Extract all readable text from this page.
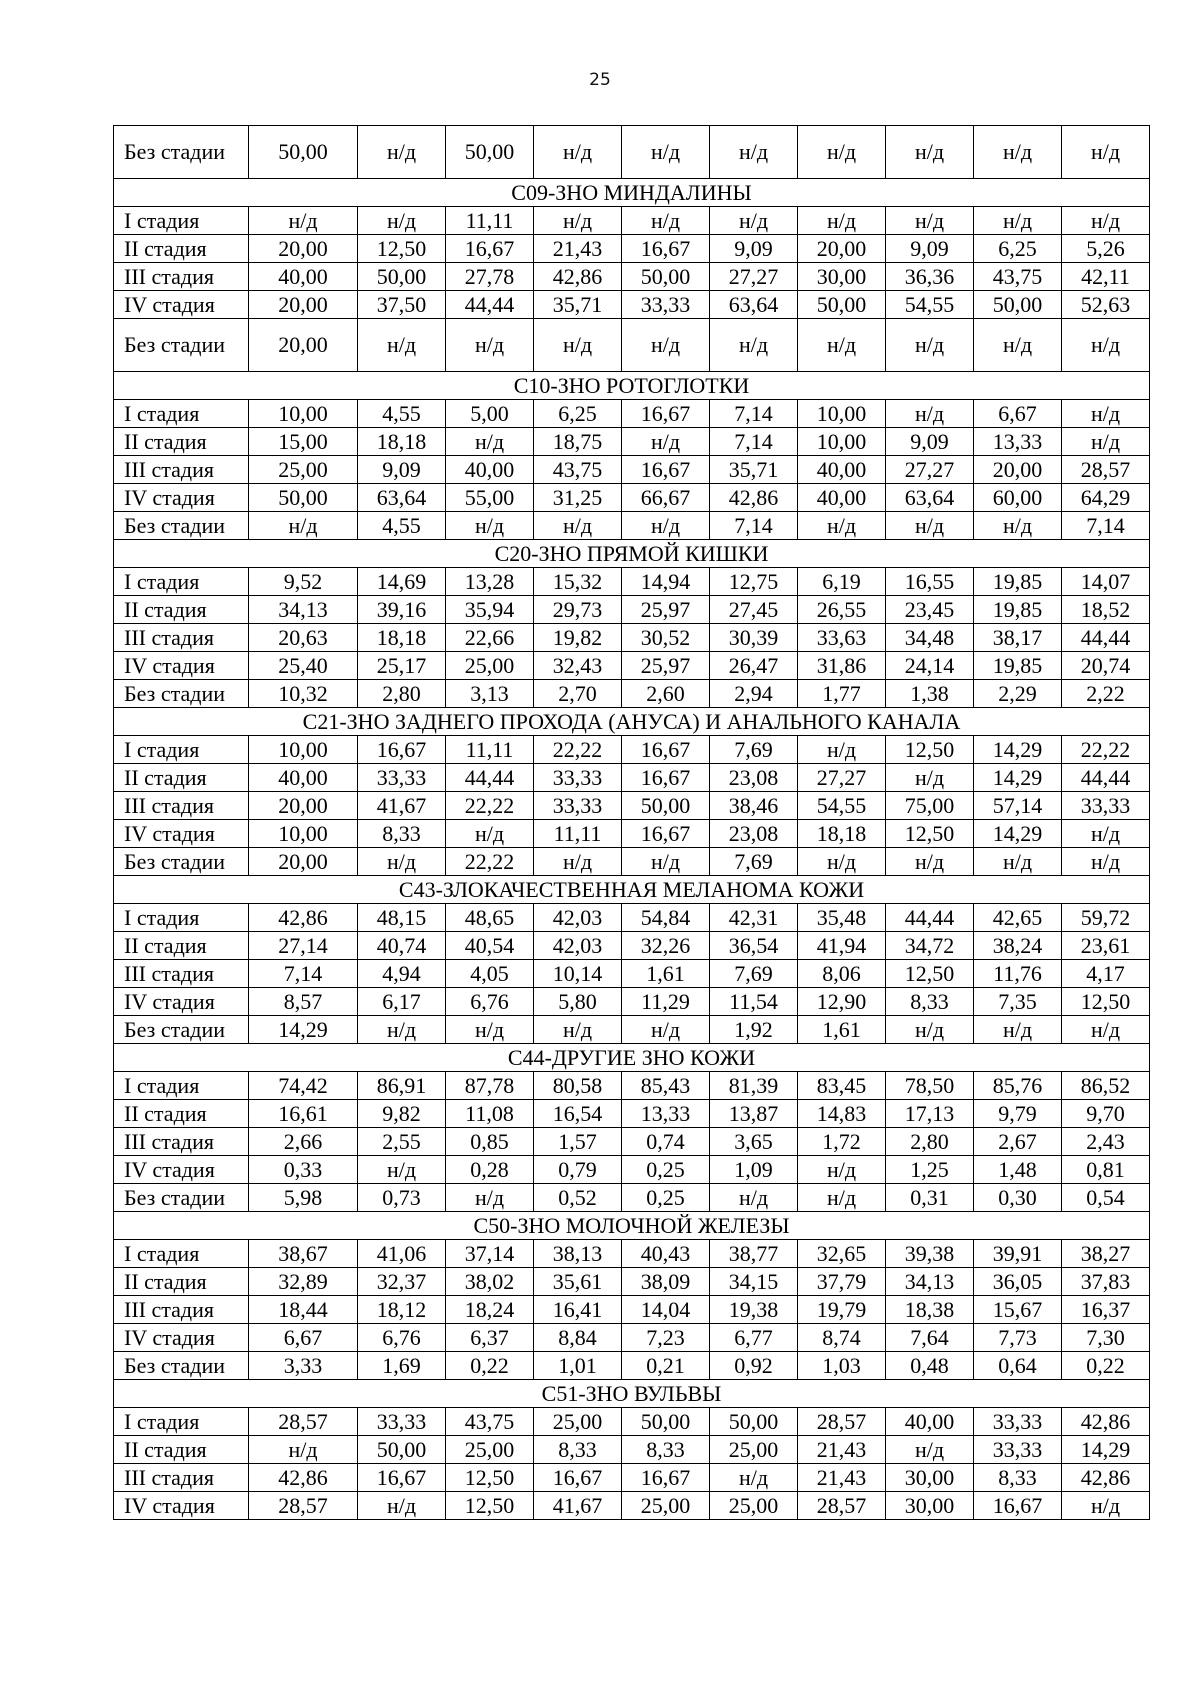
25
Без стадии	50,00	н/д	50,00	н/д	н/д	н/д	н/д	н/д	н/д	н/д
С09-ЗНО МИНДАЛИНЫ										
I стадия	н/д	н/д	11,11	н/д	н/д	н/д	н/д	н/д	н/д	н/д
II стадия	20,00	12,50	16,67	21,43	16,67	9,09	20,00	9,09	6,25	5,26
III стадия	40,00	50,00	27,78	42,86	50,00	27,27	30,00	36,36	43,75	42,11
IV стадия	20,00	37,50	44,44	35,71	33,33	63,64	50,00	54,55	50,00	52,63
Без стадии	20,00	н/д	н/д	н/д	н/д	н/д	н/д	н/д	н/д	н/д
С10-ЗНО РОТОГЛОТКИ										
I стадия	10,00	4,55	5,00	6,25	16,67	7,14	10,00	н/д	6,67	н/д
II стадия	15,00	18,18	н/д	18,75	н/д	7,14	10,00	9,09	13,33	н/д
III стадия	25,00	9,09	40,00	43,75	16,67	35,71	40,00	27,27	20,00	28,57
IV стадия	50,00	63,64	55,00	31,25	66,67	42,86	40,00	63,64	60,00	64,29
Без стадии	н/д	4,55	н/д	н/д	н/д	7,14	н/д	н/д	н/д	7,14
С20-ЗНО ПРЯМОЙ КИШКИ										
I стадия	9,52	14,69	13,28	15,32	14,94	12,75	6,19	16,55	19,85	14,07
II стадия	34,13	39,16	35,94	29,73	25,97	27,45	26,55	23,45	19,85	18,52
III стадия	20,63	18,18	22,66	19,82	30,52	30,39	33,63	34,48	38,17	44,44
IV стадия	25,40	25,17	25,00	32,43	25,97	26,47	31,86	24,14	19,85	20,74
Без стадии	10,32	2,80	3,13	2,70	2,60	2,94	1,77	1,38	2,29	2,22
С21-ЗНО ЗАДНЕГО ПРОХОДА (АНУСА) И АНАЛЬНОГО КАНАЛА										
I стадия	10,00	16,67	11,11	22,22	16,67	7,69	н/д	12,50	14,29	22,22
II стадия	40,00	33,33	44,44	33,33	16,67	23,08	27,27	н/д	14,29	44,44
III стадия	20,00	41,67	22,22	33,33	50,00	38,46	54,55	75,00	57,14	33,33
IV стадия	10,00	8,33	н/д	11,11	16,67	23,08	18,18	12,50	14,29	н/д
Без стадии	20,00	н/д	22,22	н/д	н/д	7,69	н/д	н/д	н/д	н/д
С43-ЗЛОКАЧЕСТВЕННАЯ МЕЛАНОМА КОЖИ										
I стадия	42,86	48,15	48,65	42,03	54,84	42,31	35,48	44,44	42,65	59,72
II стадия	27,14	40,74	40,54	42,03	32,26	36,54	41,94	34,72	38,24	23,61
III стадия	7,14	4,94	4,05	10,14	1,61	7,69	8,06	12,50	11,76	4,17
IV стадия	8,57	6,17	6,76	5,80	11,29	11,54	12,90	8,33	7,35	12,50
Без стадии	14,29	н/д	н/д	н/д	н/д	1,92	1,61	н/д	н/д	н/д
С44-ДРУГИЕ ЗНО КОЖИ										
I стадия	74,42	86,91	87,78	80,58	85,43	81,39	83,45	78,50	85,76	86,52
II стадия	16,61	9,82	11,08	16,54	13,33	13,87	14,83	17,13	9,79	9,70
III стадия	2,66	2,55	0,85	1,57	0,74	3,65	1,72	2,80	2,67	2,43
IV стадия	0,33	н/д	0,28	0,79	0,25	1,09	н/д	1,25	1,48	0,81
Без стадии	5,98	0,73	н/д	0,52	0,25	н/д	н/д	0,31	0,30	0,54
С50-ЗНО МОЛОЧНОЙ ЖЕЛЕЗЫ										
I стадия	38,67	41,06	37,14	38,13	40,43	38,77	32,65	39,38	39,91	38,27
II стадия	32,89	32,37	38,02	35,61	38,09	34,15	37,79	34,13	36,05	37,83
III стадия	18,44	18,12	18,24	16,41	14,04	19,38	19,79	18,38	15,67	16,37
IV стадия	6,67	6,76	6,37	8,84	7,23	6,77	8,74	7,64	7,73	7,30
Без стадии	3,33	1,69	0,22	1,01	0,21	0,92	1,03	0,48	0,64	0,22
С51-ЗНО ВУЛЬВЫ										
I стадия	28,57	33,33	43,75	25,00	50,00	50,00	28,57	40,00	33,33	42,86
II стадия	н/д	50,00	25,00	8,33	8,33	25,00	21,43	н/д	33,33	14,29
III стадия	42,86	16,67	12,50	16,67	16,67	н/д	21,43	30,00	8,33	42,86
IV стадия	28,57	н/д	12,50	41,67	25,00	25,00	28,57	30,00	16,67	н/д
